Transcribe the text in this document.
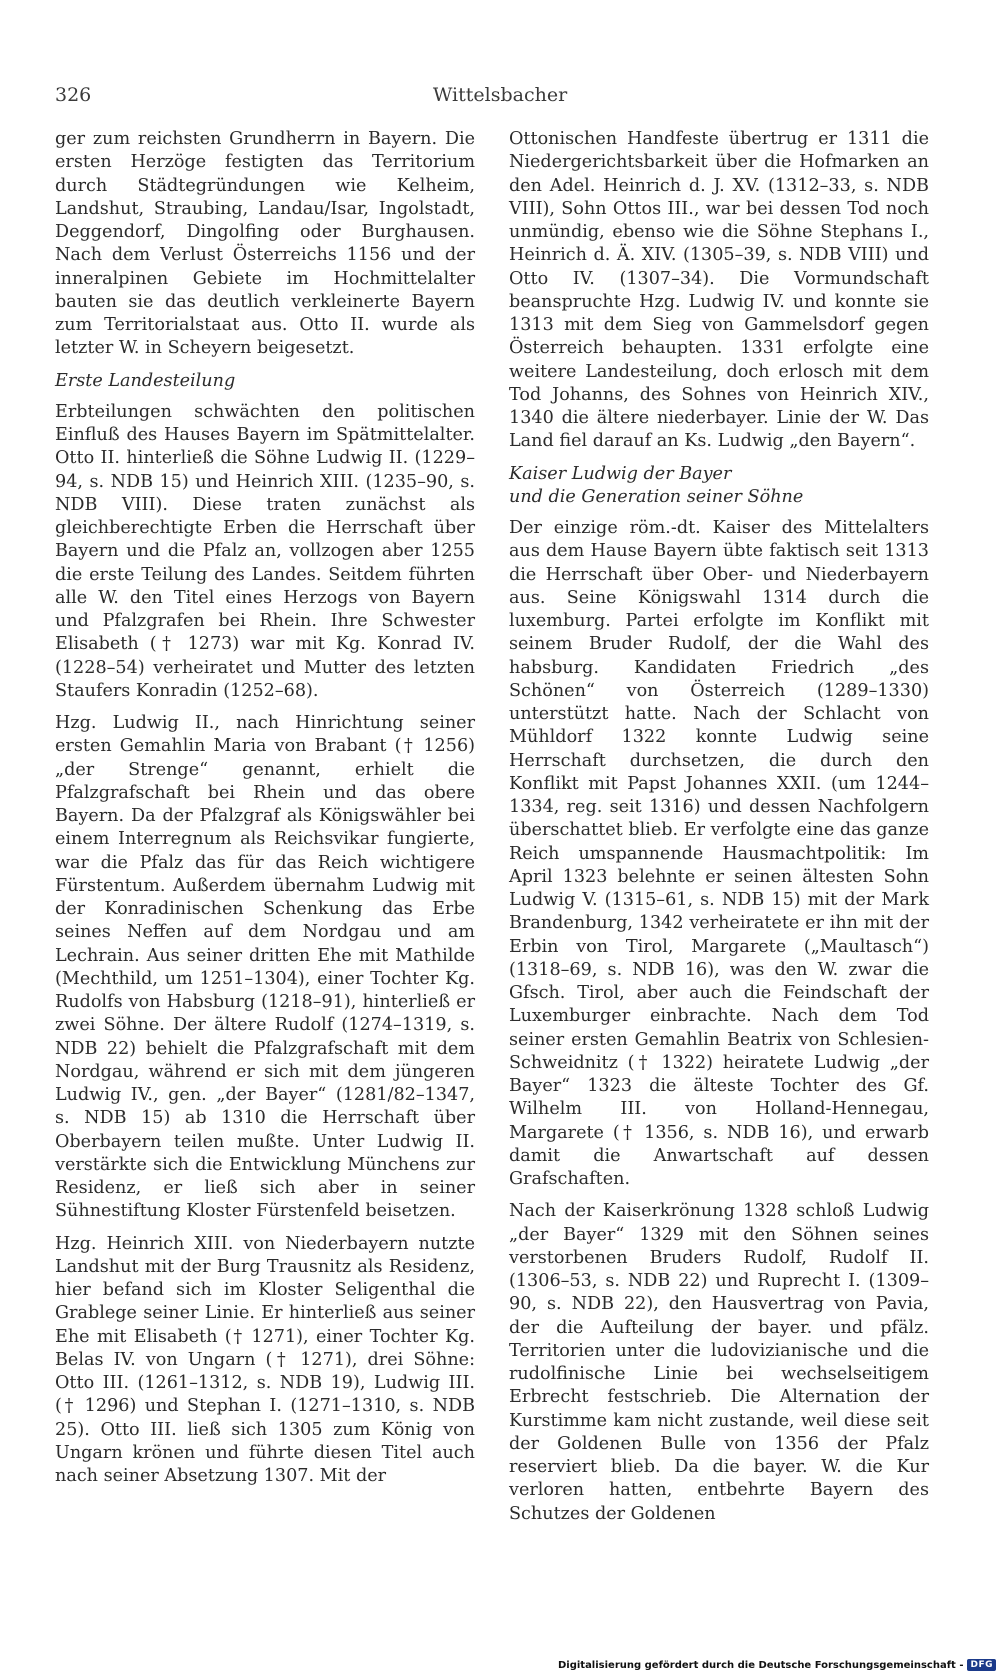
326	Wittelsbacher

ger zum reichsten Grundherrn in Bayern. Die ersten Herzöge festigten das Territorium durch Städtegründungen wie Kelheim, Landshut, Straubing, Landau/Isar, Ingolstadt, Deggendorf, Dingolfing oder Burghausen. Nach dem Verlust Österreichs 1156 und der inneralpinen Gebiete im Hochmittelalter bauten sie das deutlich verkleinerte Bayern zum Territorialstaat aus. Otto II. wurde als letzter W. in Scheyern beigesetzt.

Erste Landesteilung

Erbteilungen schwächten den politischen Einfluß des Hauses Bayern im Spätmittelalter. Otto II. hinterließ die Söhne Ludwig II. (1229–94, s. NDB 15) und Heinrich XIII. (1235–90, s. NDB VIII). Diese traten zunächst als gleichberechtigte Erben die Herrschaft über Bayern und die Pfalz an, vollzogen aber 1255 die erste Teilung des Landes. Seitdem führten alle W. den Titel eines Herzogs von Bayern und Pfalzgrafen bei Rhein. Ihre Schwester Elisabeth († 1273) war mit Kg. Konrad IV. (1228–54) verheiratet und Mutter des letzten Staufers Konradin (1252–68).

Hzg. Ludwig II., nach Hinrichtung seiner ersten Gemahlin Maria von Brabant († 1256) „der Strenge“ genannt, erhielt die Pfalzgrafschaft bei Rhein und das obere Bayern. Da der Pfalzgraf als Königswähler bei einem Interregnum als Reichsvikar fungierte, war die Pfalz das für das Reich wichtigere Fürstentum. Außerdem übernahm Ludwig mit der Konradinischen Schenkung das Erbe seines Neffen auf dem Nordgau und am Lechrain. Aus seiner dritten Ehe mit Mathilde (Mechthild, um 1251–1304), einer Tochter Kg. Rudolfs von Habsburg (1218–91), hinterließ er zwei Söhne. Der ältere Rudolf (1274–1319, s. NDB 22) behielt die Pfalzgrafschaft mit dem Nordgau, während er sich mit dem jüngeren Ludwig IV., gen. „der Bayer“ (1281/82–1347, s. NDB 15) ab 1310 die Herrschaft über Oberbayern teilen mußte. Unter Ludwig II. verstärkte sich die Entwicklung Münchens zur Residenz, er ließ sich aber in seiner Sühnestiftung Kloster Fürstenfeld beisetzen.

Hzg. Heinrich XIII. von Niederbayern nutzte Landshut mit der Burg Trausnitz als Residenz, hier befand sich im Kloster Seligenthal die Grablege seiner Linie. Er hinterließ aus seiner Ehe mit Elisabeth († 1271), einer Tochter Kg. Belas IV. von Ungarn († 1271), drei Söhne: Otto III. (1261–1312, s. NDB 19), Ludwig III. († 1296) und Stephan I. (1271–1310, s. NDB 25). Otto III. ließ sich 1305 zum König von Ungarn krönen und führte diesen Titel auch nach seiner Absetzung 1307. Mit der

Ottonischen Handfeste übertrug er 1311 die Niedergerichtsbarkeit über die Hofmarken an den Adel. Heinrich d. J. XV. (1312–33, s. NDB VIII), Sohn Ottos III., war bei dessen Tod noch unmündig, ebenso wie die Söhne Stephans I., Heinrich d. Ä. XIV. (1305–39, s. NDB VIII) und Otto IV. (1307–34). Die Vormundschaft beanspruchte Hzg. Ludwig IV. und konnte sie 1313 mit dem Sieg von Gammelsdorf gegen Österreich behaupten. 1331 erfolgte eine weitere Landesteilung, doch erlosch mit dem Tod Johanns, des Sohnes von Heinrich XIV., 1340 die ältere niederbayer. Linie der W. Das Land fiel darauf an Ks. Ludwig „den Bayern“.

Kaiser Ludwig der Bayer
und die Generation seiner Söhne

Der einzige röm.-dt. Kaiser des Mittelalters aus dem Hause Bayern übte faktisch seit 1313 die Herrschaft über Ober- und Niederbayern aus. Seine Königswahl 1314 durch die luxemburg. Partei erfolgte im Konflikt mit seinem Bruder Rudolf, der die Wahl des habsburg. Kandidaten Friedrich „des Schönen“ von Österreich (1289–1330) unterstützt hatte. Nach der Schlacht von Mühldorf 1322 konnte Ludwig seine Herrschaft durchsetzen, die durch den Konflikt mit Papst Johannes XXII. (um 1244–1334, reg. seit 1316) und dessen Nachfolgern überschattet blieb. Er verfolgte eine das ganze Reich umspannende Hausmachtpolitik: Im April 1323 belehnte er seinen ältesten Sohn Ludwig V. (1315–61, s. NDB 15) mit der Mark Brandenburg, 1342 verheiratete er ihn mit der Erbin von Tirol, Margarete („Maultasch“) (1318–69, s. NDB 16), was den W. zwar die Gfsch. Tirol, aber auch die Feindschaft der Luxemburger einbrachte. Nach dem Tod seiner ersten Gemahlin Beatrix von Schlesien-Schweidnitz († 1322) heiratete Ludwig „der Bayer“ 1323 die älteste Tochter des Gf. Wilhelm III. von Holland-Hennegau, Margarete († 1356, s. NDB 16), und erwarb damit die Anwartschaft auf dessen Grafschaften.

Nach der Kaiserkrönung 1328 schloß Ludwig „der Bayer“ 1329 mit den Söhnen seines verstorbenen Bruders Rudolf, Rudolf II. (1306–53, s. NDB 22) und Ruprecht I. (1309–90, s. NDB 22), den Hausvertrag von Pavia, der die Aufteilung der bayer. und pfälz. Territorien unter die ludovizianische und die rudolfinische Linie bei wechselseitigem Erbrecht festschrieb. Die Alternation der Kurstimme kam nicht zustande, weil diese seit der Goldenen Bulle von 1356 der Pfalz reserviert blieb. Da die bayer. W. die Kur verloren hatten, entbehrte Bayern des Schutzes der Goldenen

Digitalisierung gefördert durch die Deutsche Forschungsgemeinschaft - DFG
